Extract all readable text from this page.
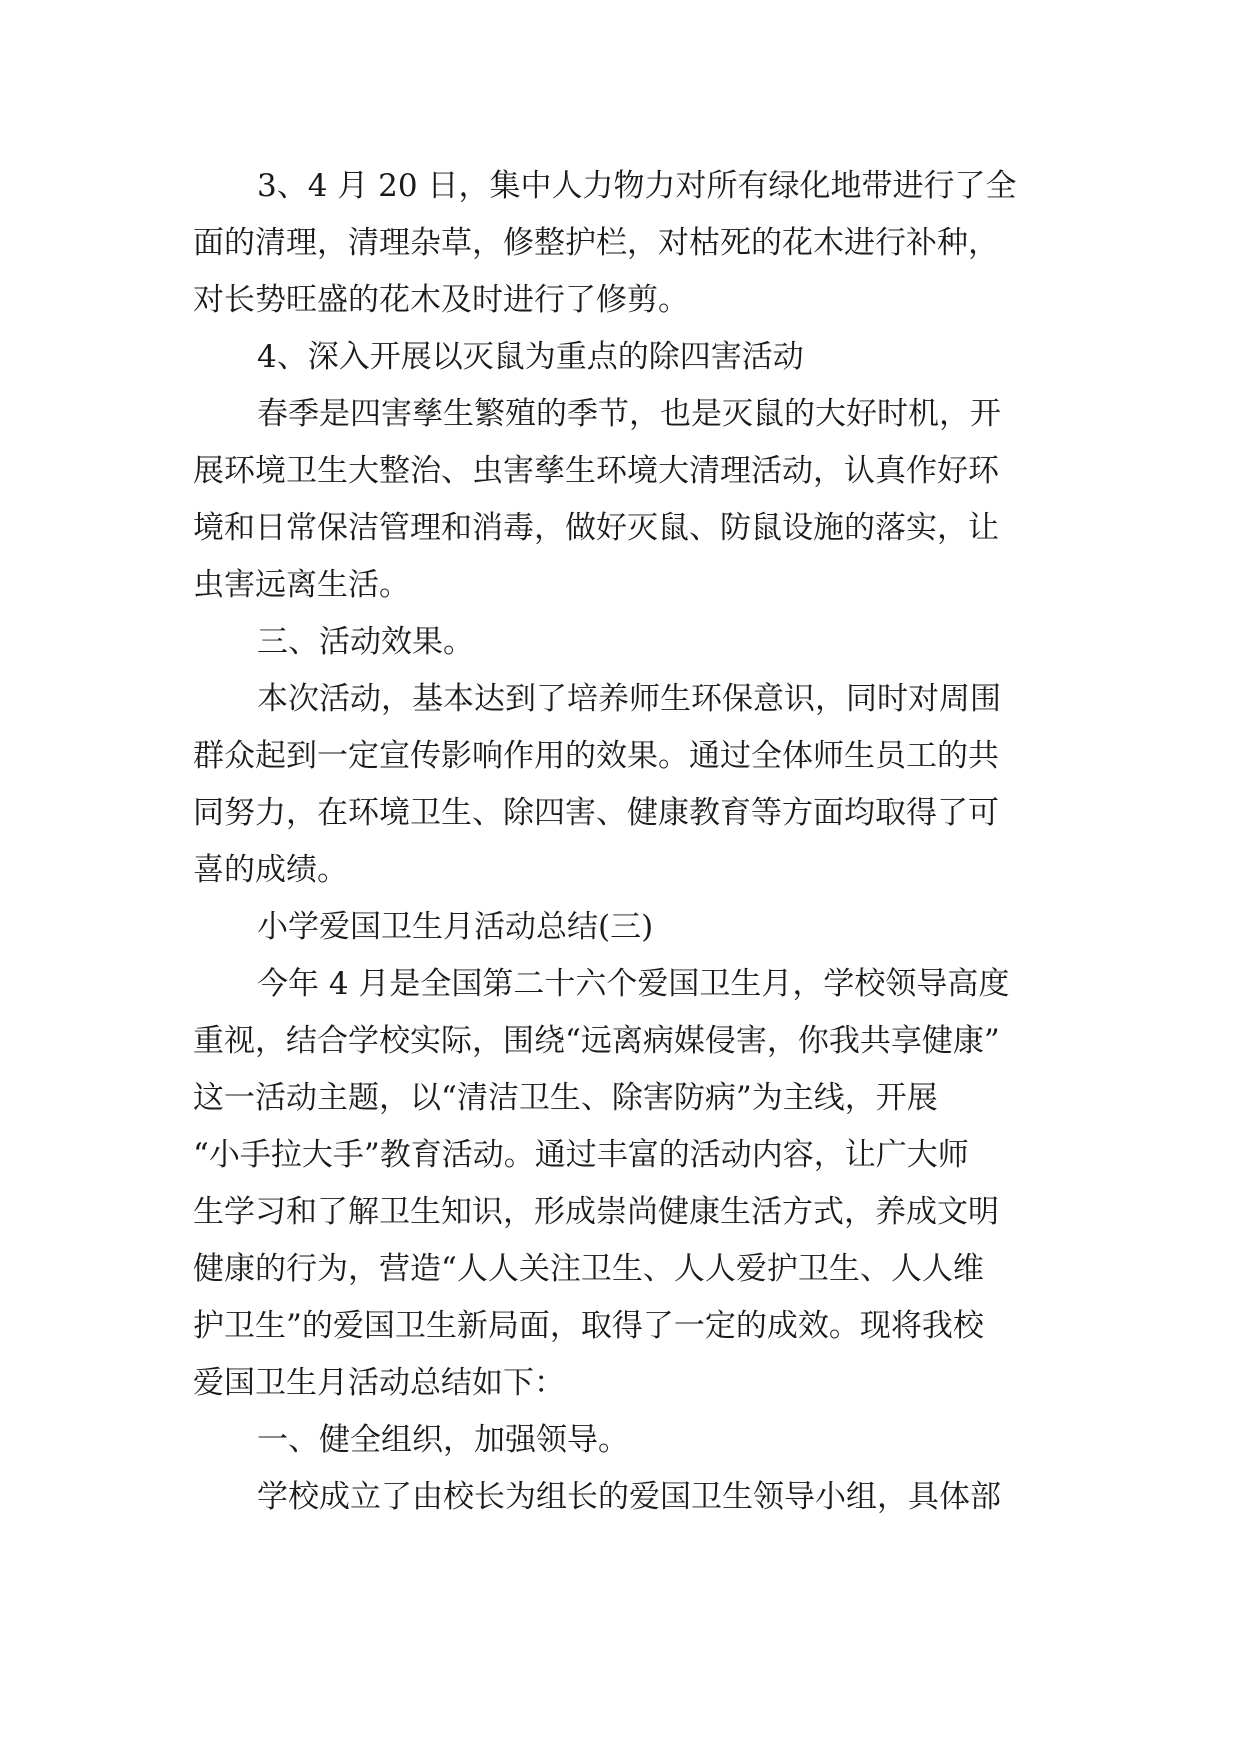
3、4 月 20 日，集中人力物力对所有绿化地带进行了全

面的清理，清理杂草，修整护栏，对枯死的花木进行补种，

对长势旺盛的花木及时进行了修剪。

4、深入开展以灭鼠为重点的除四害活动

春季是四害孳生繁殖的季节，也是灭鼠的大好时机，开

展环境卫生大整治、虫害孳生环境大清理活动，认真作好环

境和日常保洁管理和消毒，做好灭鼠、防鼠设施的落实，让

虫害远离生活。

三、活动效果。

本次活动，基本达到了培养师生环保意识，同时对周围

群众起到一定宣传影响作用的效果。通过全体师生员工的共

同努力，在环境卫生、除四害、健康教育等方面均取得了可

喜的成绩。

小学爱国卫生月活动总结(三)

今年 4 月是全国第二十六个爱国卫生月，学校领导高度

重视，结合学校实际，围绕“远离病媒侵害，你我共享健康”

这一活动主题，以“清洁卫生、除害防病”为主线，开展

“小手拉大手”教育活动。通过丰富的活动内容，让广大师

生学习和了解卫生知识，形成崇尚健康生活方式，养成文明

健康的行为，营造“人人关注卫生、人人爱护卫生、人人维

护卫生”的爱国卫生新局面，取得了一定的成效。现将我校

爱国卫生月活动总结如下：

一、健全组织，加强领导。

学校成立了由校长为组长的爱国卫生领导小组，具体部
